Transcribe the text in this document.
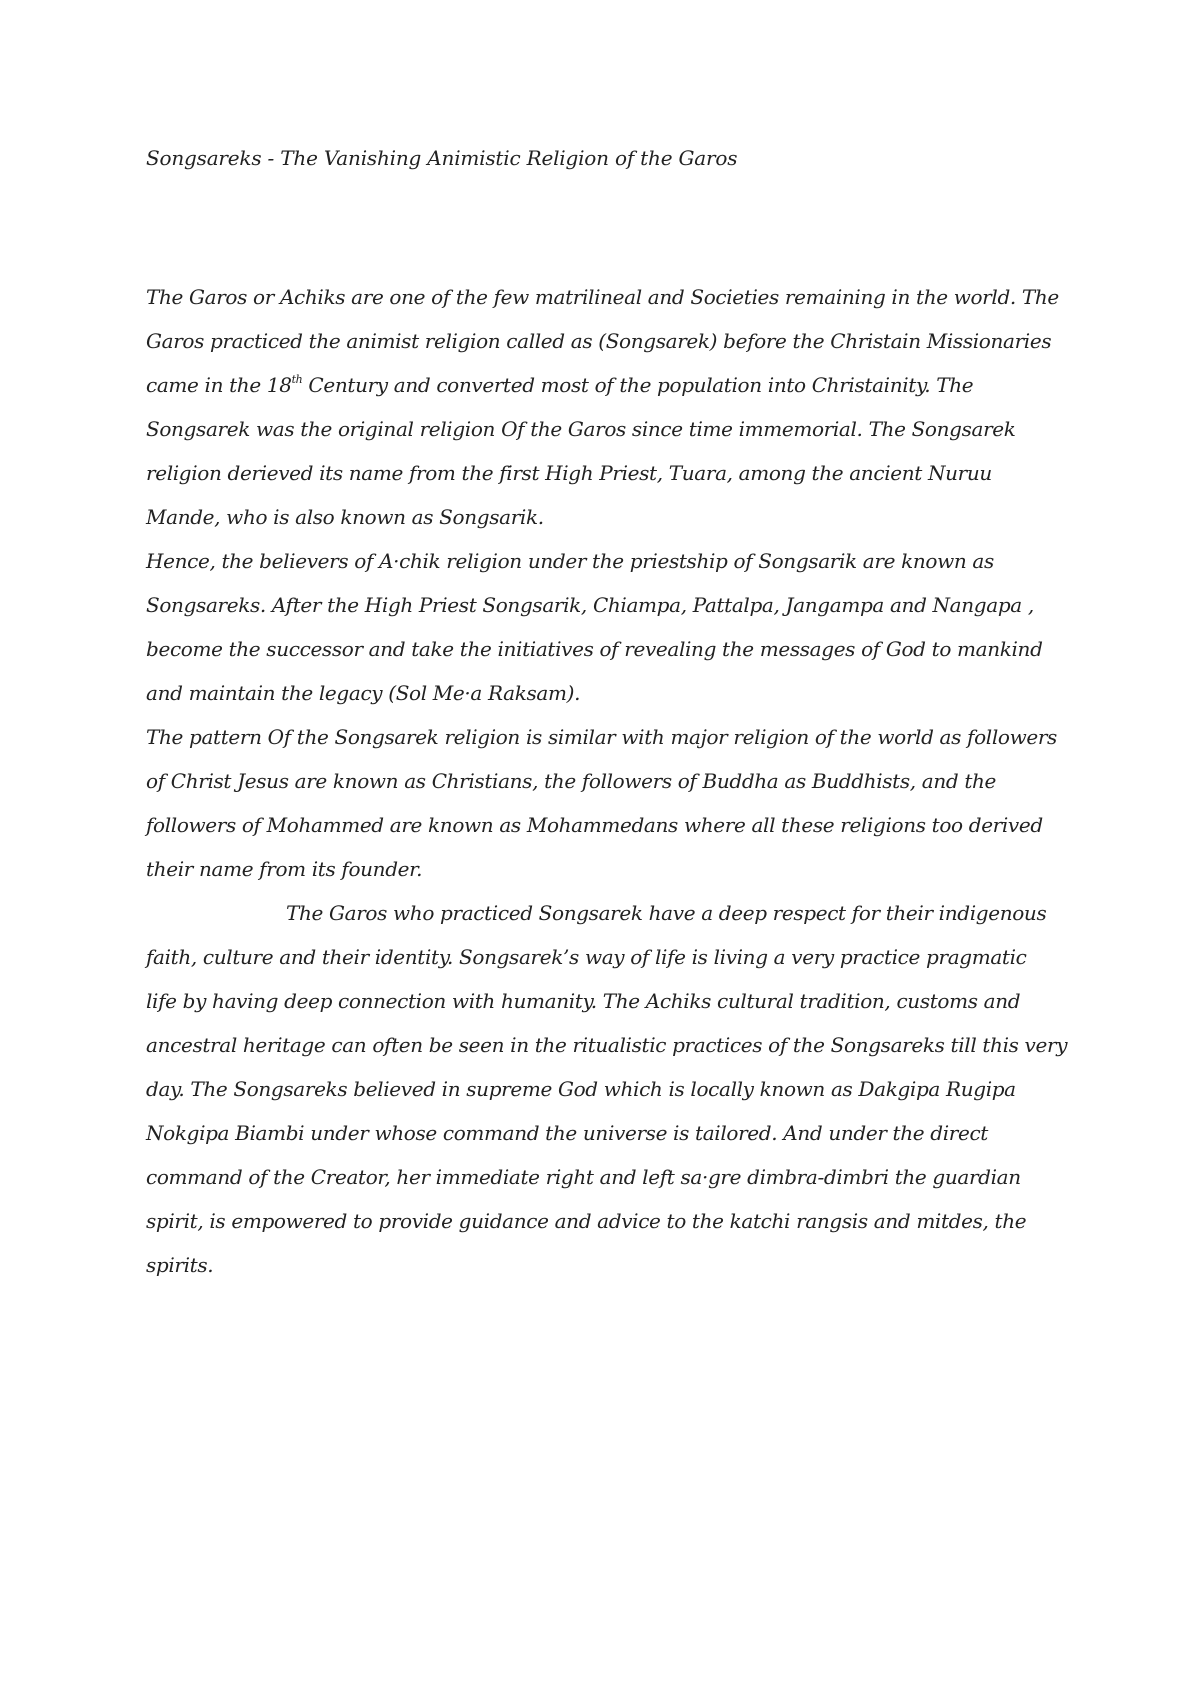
Songsareks - The Vanishing Animistic Religion of the Garos
The Garos or Achiks are one of the few matrilineal and Societies remaining in the world. The
Garos practiced the animist religion called as (Songsarek) before the Christain Missionaries
came in the 18th Century and converted most of the population into Christainity. The
Songsarek was the original religion Of the Garos since time immemorial. The Songsarek
religion derieved its name from the first High Priest, Tuara, among the ancient Nuruu
Mande, who is also known as Songsarik.
Hence, the believers of A·chik religion under the priestship of Songsarik are known as
Songsareks. After the High Priest Songsarik, Chiampa, Pattalpa, Jangampa and Nangapa ,
become the successor and take the initiatives of revealing the messages of God to mankind
and maintain the legacy (Sol Me·a Raksam).
The pattern Of the Songsarek religion is similar with major religion of the world as followers
of Christ Jesus are known as Christians, the followers of Buddha as Buddhists, and the
followers of Mohammed are known as Mohammedans where all these religions too derived
their name from its founder.
The Garos who practiced Songsarek have a deep respect for their indigenous
faith, culture and their identity. Songsarek’s way of life is living a very practice pragmatic
life by having deep connection with humanity. The Achiks cultural tradition, customs and
ancestral heritage can often be seen in the ritualistic practices of the Songsareks till this very
day. The Songsareks believed in supreme God which is locally known as Dakgipa Rugipa
Nokgipa Biambi under whose command the universe is tailored. And under the direct
command of the Creator, her immediate right and left sa·gre dimbra-dimbri the guardian
spirit, is empowered to provide guidance and advice to the katchi rangsis and mitdes, the
spirits.
